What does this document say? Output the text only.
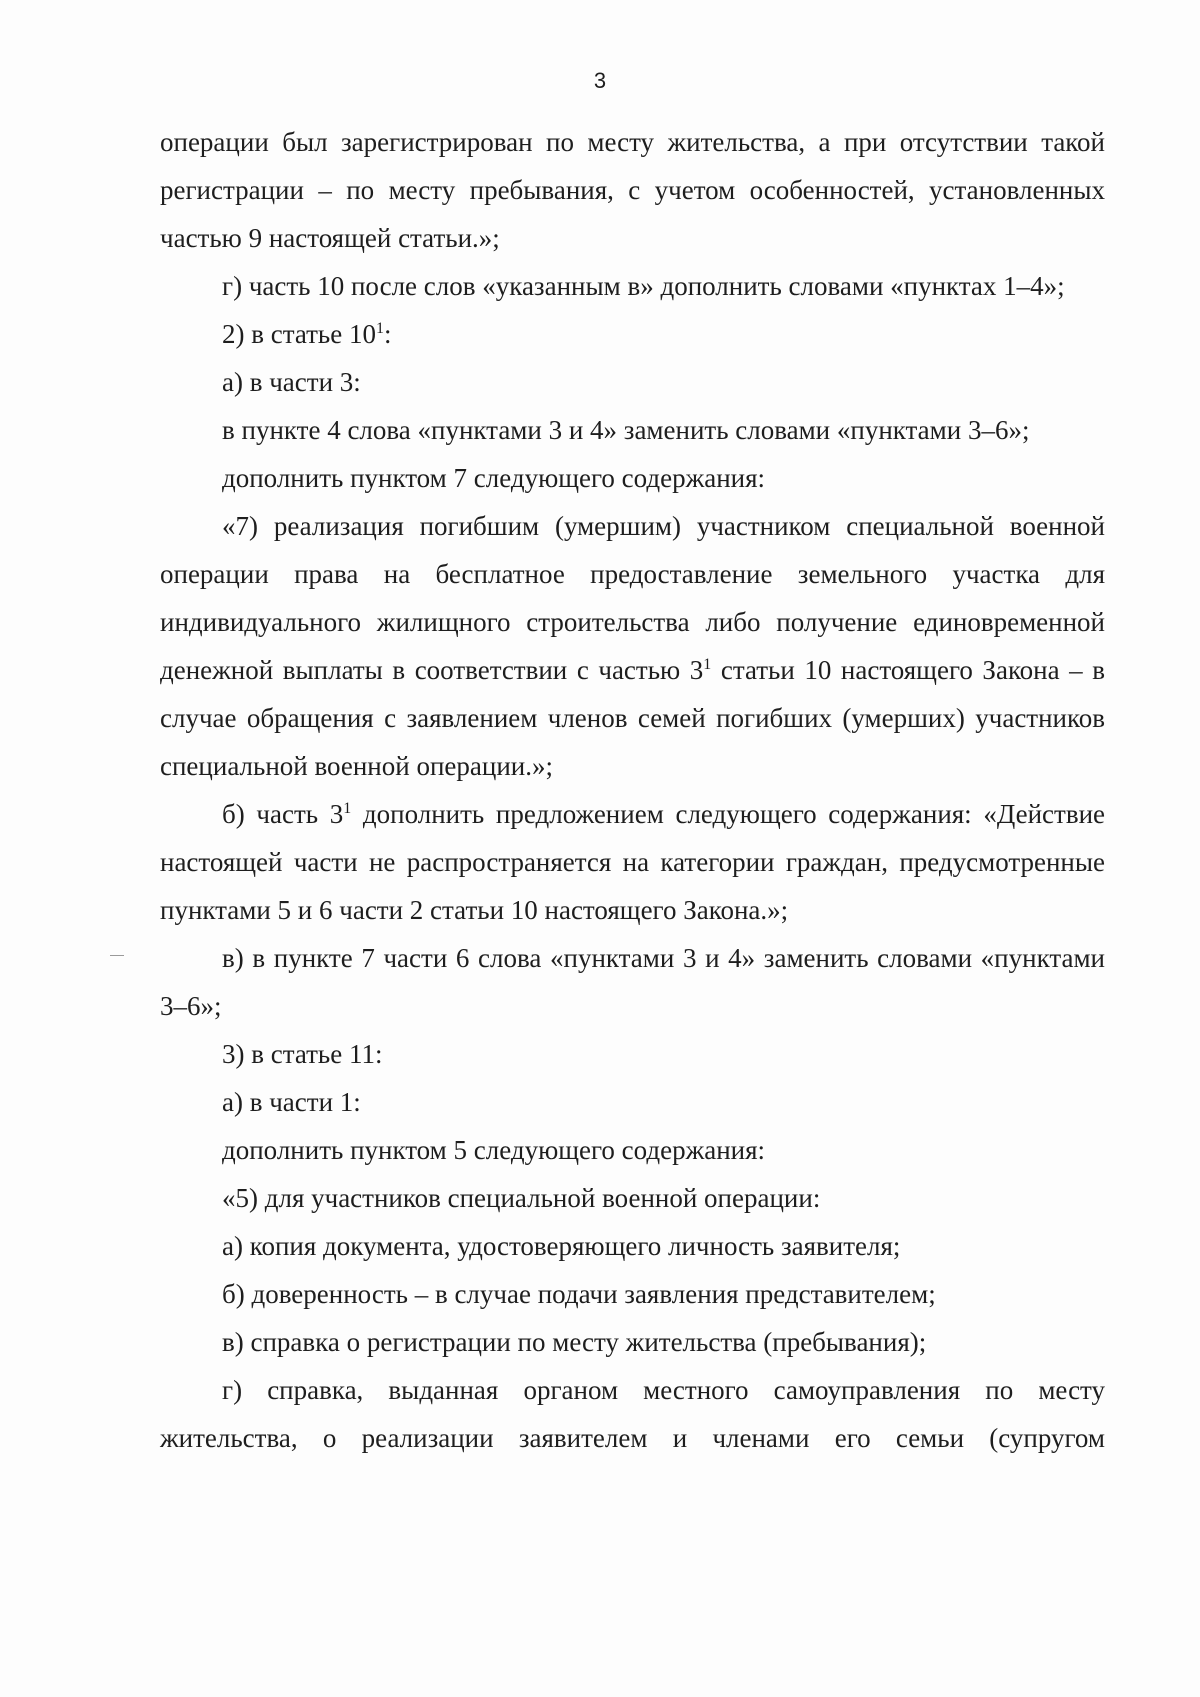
3

операции был зарегистрирован по месту жительства, а при отсутствии такой регистрации – по месту пребывания, с учетом особенностей, установленных частью 9 настоящей статьи.»;

г) часть 10 после слов «указанным в» дополнить словами «пунктах 1–4»;

2) в статье $10^1$:

а) в части 3:

в пункте 4 слова «пунктами 3 и 4» заменить словами «пунктами 3–6»;

дополнить пунктом 7 следующего содержания:

«7) реализация погибшим (умершим) участником специальной военной операции права на бесплатное предоставление земельного участка для индивидуального жилищного строительства либо получение единовременной денежной выплаты в соответствии с частью $3^1$ статьи 10 настоящего Закона – в случае обращения с заявлением членов семей погибших (умерших) участников специальной военной операции.»;

б) часть $3^1$ дополнить предложением следующего содержания: «Действие настоящей части не распространяется на категории граждан, предусмотренные пунктами 5 и 6 части 2 статьи 10 настоящего Закона.»;

в) в пункте 7 части 6 слова «пунктами 3 и 4» заменить словами «пунктами 3–6»;

3) в статье 11:

а) в части 1:

дополнить пунктом 5 следующего содержания:

«5) для участников специальной военной операции:

а) копия документа, удостоверяющего личность заявителя;

б) доверенность – в случае подачи заявления представителем;

в) справка о регистрации по месту жительства (пребывания);

г) справка, выданная органом местного самоуправления по месту жительства, о реализации заявителем и членами его семьи (супругом
